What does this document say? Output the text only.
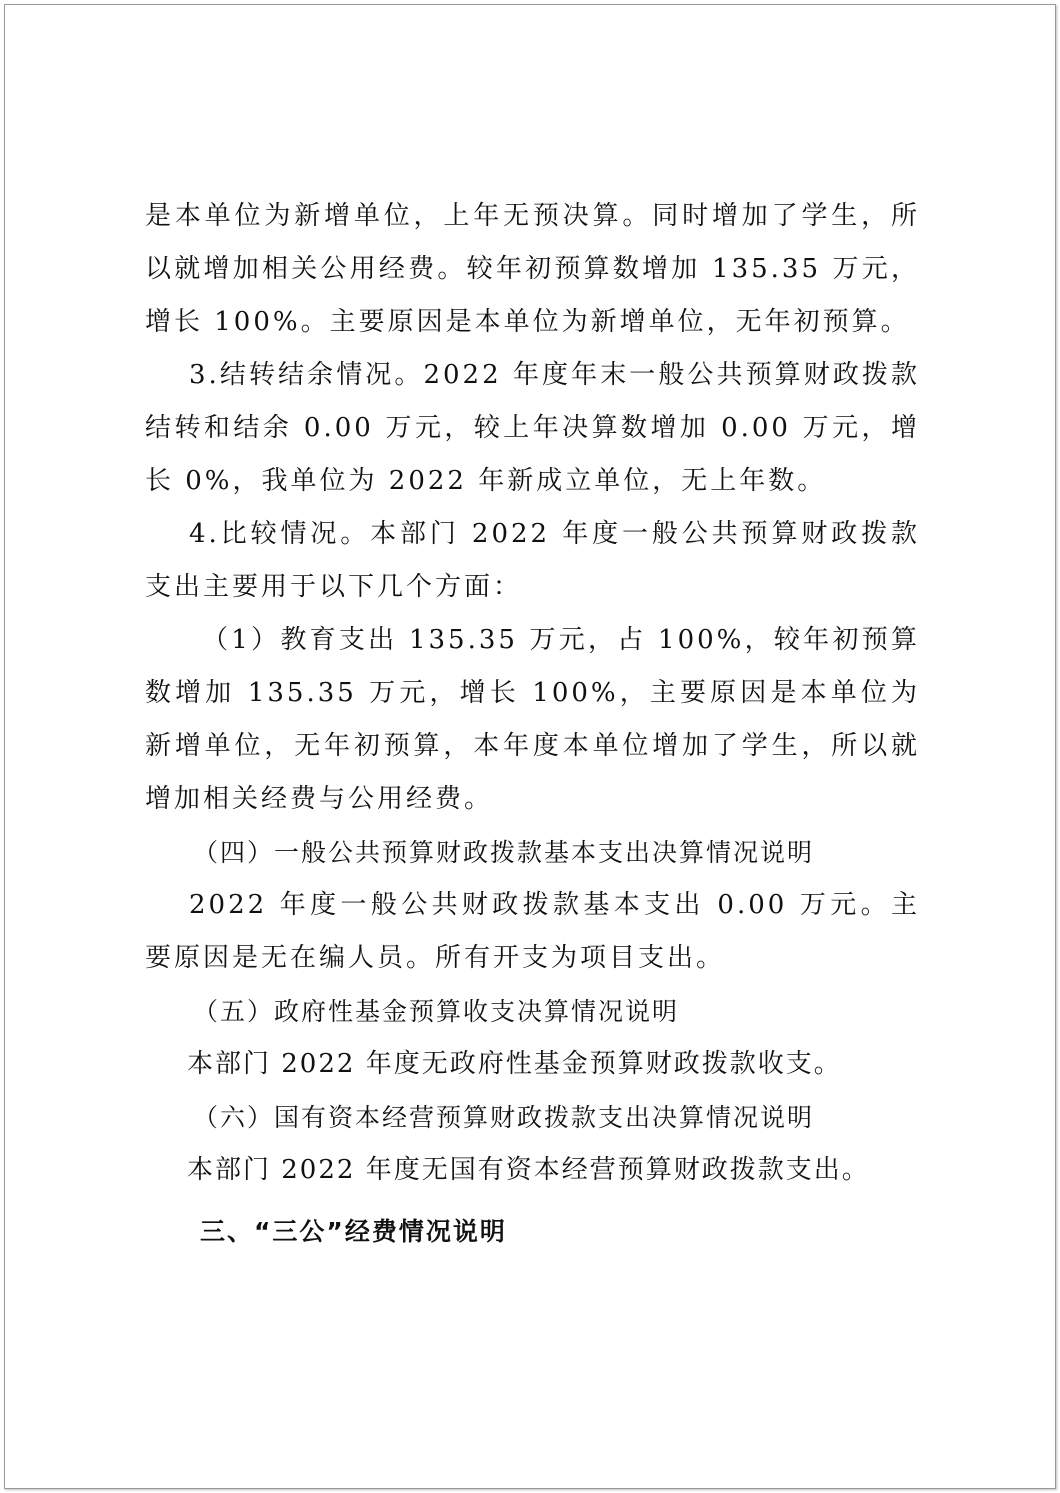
是本单位为新增单位，上年无预决算。同时增加了学生，所以就增加相关公用经费。较年初预算数增加 135.35 万元，增长 100%。主要原因是本单位为新增单位，无年初预算。

3.结转结余情况。2022 年度年末一般公共预算财政拨款结转和结余 0.00 万元，较上年决算数增加 0.00 万元，增长 0%，我单位为 2022 年新成立单位，无上年数。

4.比较情况。本部门 2022 年度一般公共预算财政拨款支出主要用于以下几个方面：

（1）教育支出 135.35 万元，占 100%，较年初预算数增加 135.35 万元，增长 100%，主要原因是本单位为新增单位，无年初预算，本年度本单位增加了学生，所以就增加相关经费与公用经费。

（四）一般公共预算财政拨款基本支出决算情况说明

2022 年度一般公共财政拨款基本支出 0.00 万元。主要原因是无在编人员。所有开支为项目支出。

（五）政府性基金预算收支决算情况说明

本部门 2022 年度无政府性基金预算财政拨款收支。

（六）国有资本经营预算财政拨款支出决算情况说明

本部门 2022 年度无国有资本经营预算财政拨款支出。

三、“三公”经费情况说明
